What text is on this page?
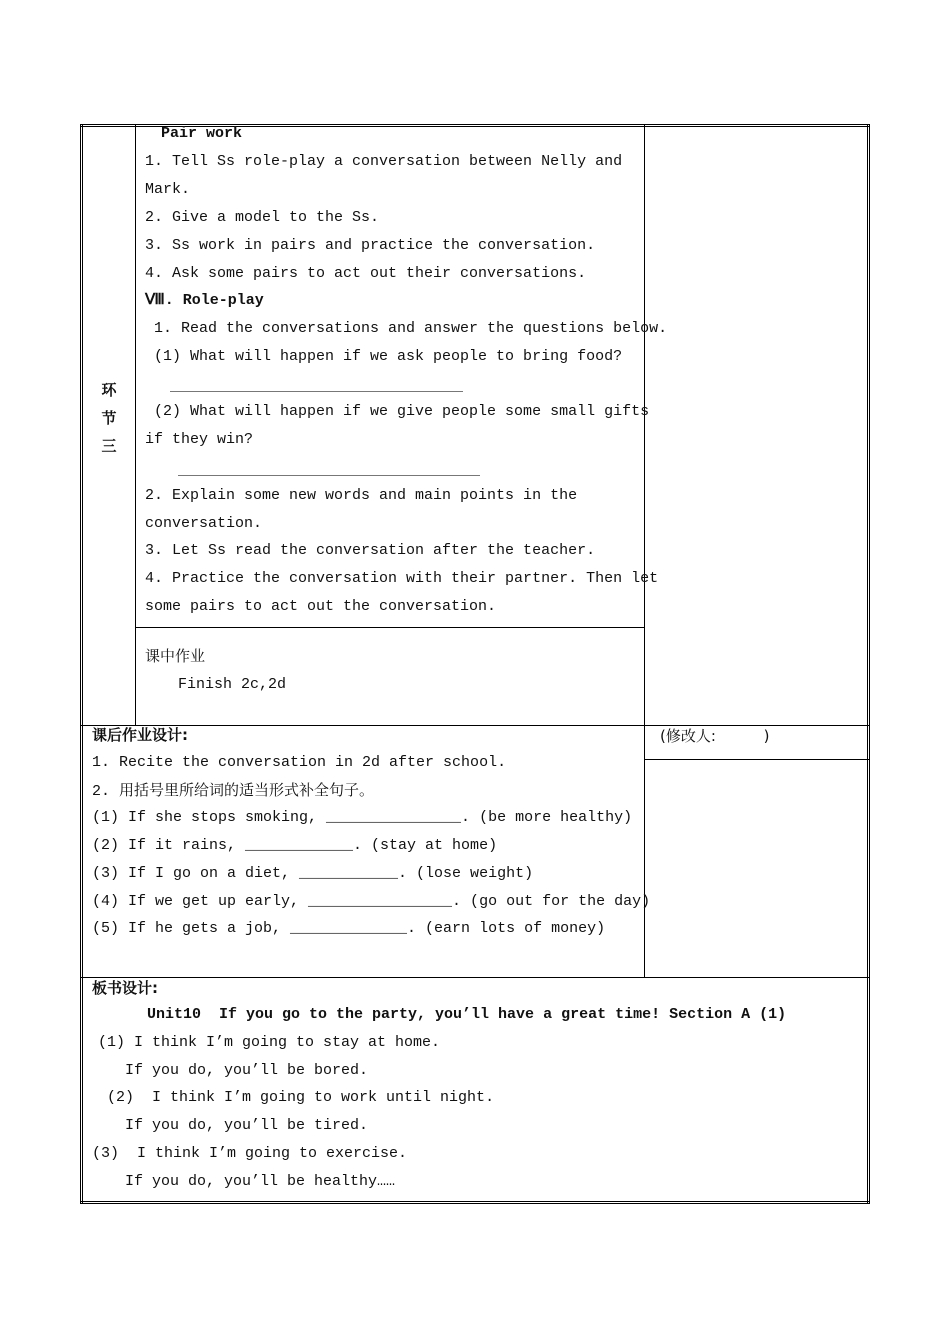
环
节
三
Pair work
1. Tell Ss role-play a conversation between Nelly and
Mark.
2. Give a model to the Ss.
3. Ss work in pairs and practice the conversation.
4. Ask some pairs to act out their conversations.
Ⅷ. Role-play
1. Read the conversations and answer the questions below.
(1) What will happen if we ask people to bring food?
(2) What will happen if we give people some small gifts
if they win?
2. Explain some new words and main points in the
conversation.
3. Let Ss read the conversation after the teacher.
4. Practice the conversation with their partner. Then let
some pairs to act out the conversation.
课中作业
Finish 2c,2d
课后作业设计:	(修改人:          )
1. Recite the conversation in 2d after school.
2. 用括号里所给词的适当形式补全句子。
(1) If she stops smoking, _______________. (be more healthy)
(2) If it rains, ____________. (stay at home)
(3) If I go on a diet, ___________. (lose weight)
(4) If we get up early, ________________. (go out for the day)
(5) If he gets a job, _____________. (earn lots of money)
板书设计:
Unit10  If you go to the party, you’ll have a great time! Section A (1)
(1) I think I’m going to stay at home.
If you do, you’ll be bored.
(2)  I think I’m going to work until night.
If you do, you’ll be tired.
(3)  I think I’m going to exercise.
If you do, you’ll be healthy……
